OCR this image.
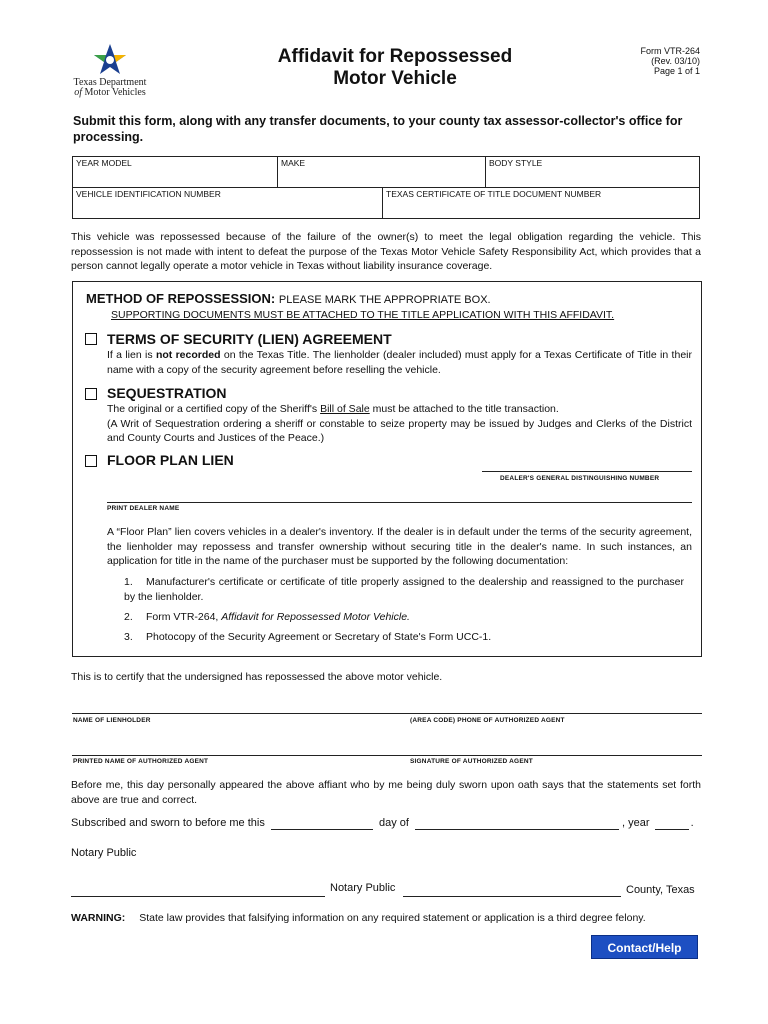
Texas Department
of Motor Vehicles
Affidavit for Repossessed
Motor Vehicle
Form VTR-264
(Rev. 03/10)
Page 1 of 1
Submit this form, along with any transfer documents, to your county tax assessor-collector's office for processing.
YEAR MODEL	MAKE	BODY STYLE
VEHICLE IDENTIFICATION NUMBER	TEXAS CERTIFICATE OF TITLE DOCUMENT NUMBER
This vehicle was repossessed because of the failure of the owner(s) to meet the legal obligation regarding the vehicle. This repossession is not made with intent to defeat the purpose of the Texas Motor Vehicle Safety Responsibility Act, which provides that a person cannot legally operate a motor vehicle in Texas without liability insurance coverage.
METHOD OF REPOSSESSION: PLEASE MARK THE APPROPRIATE BOX.
SUPPORTING DOCUMENTS MUST BE ATTACHED TO THE TITLE APPLICATION WITH THIS AFFIDAVIT.
TERMS OF SECURITY (LIEN) AGREEMENT
If a lien is not recorded on the Texas Title. The lienholder (dealer included) must apply for a Texas Certificate of Title in their name with a copy of the security agreement before reselling the vehicle.
SEQUESTRATION
The original or a certified copy of the Sheriff's Bill of Sale must be attached to the title transaction.
(A Writ of Sequestration ordering a sheriff or constable to seize property may be issued by Judges and Clerks of the District and County Courts and Justices of the Peace.)
FLOOR PLAN LIEN
DEALER'S GENERAL DISTINGUISHING NUMBER
PRINT DEALER NAME
A “Floor Plan” lien covers vehicles in a dealer's inventory. If the dealer is in default under the terms of the security agreement, the lienholder may repossess and transfer ownership without securing title in the dealer's name. In such instances, an application for title in the name of the purchaser must be supported by the following documentation:
1. Manufacturer's certificate or certificate of title properly assigned to the dealership and reassigned to the purchaser by the lienholder.
2. Form VTR-264, Affidavit for Repossessed Motor Vehicle.
3. Photocopy of the Security Agreement or Secretary of State's Form UCC-1.
This is to certify that the undersigned has repossessed the above motor vehicle.
NAME OF LIENHOLDER	(AREA CODE) PHONE OF AUTHORIZED AGENT
PRINTED NAME OF AUTHORIZED AGENT	SIGNATURE OF AUTHORIZED AGENT
Before me, this day personally appeared the above affiant who by me being duly sworn upon oath says that the statements set forth above are true and correct.
Subscribed and sworn to before me this	day of	, year	.
Notary Public
Notary Public	County, Texas
WARNING: State law provides that falsifying information on any required statement or application is a third degree felony.
Contact/Help
